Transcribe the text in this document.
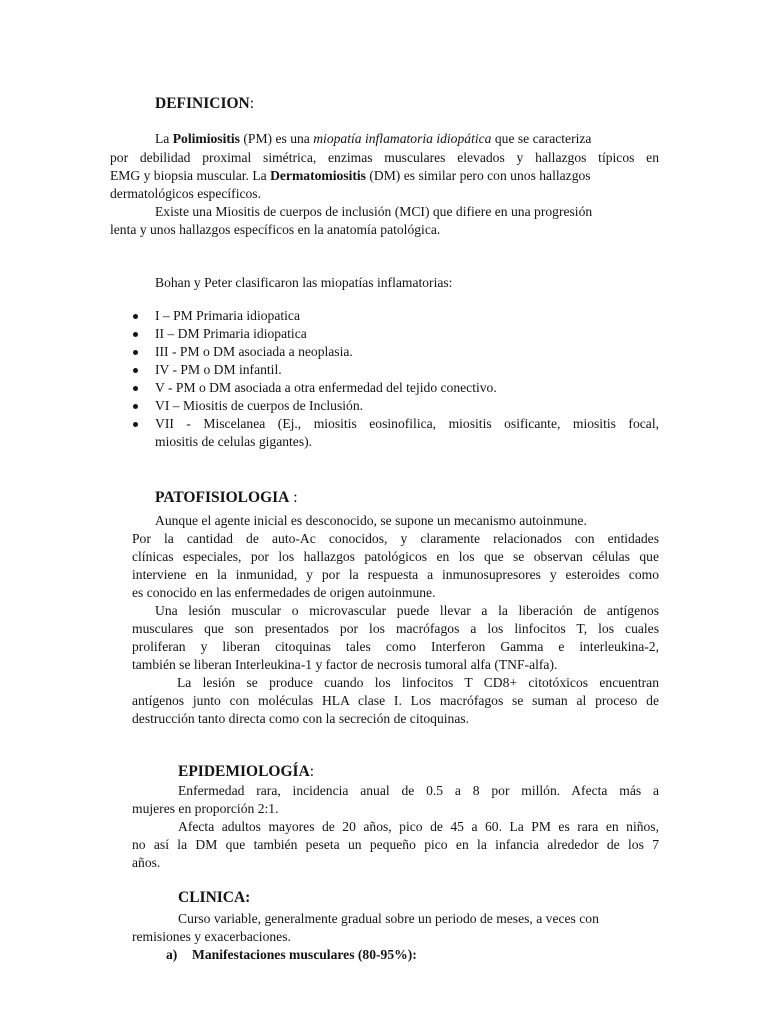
DEFINICION:
La Polimiositis (PM) es una miopatía inflamatoria idiopática que se caracteriza
por debilidad proximal simétrica, enzimas musculares elevados y hallazgos típicos en
EMG y biopsia muscular. La Dermatomiositis (DM) es similar pero con unos hallazgos
dermatológicos específicos.
Existe una Miositis de cuerpos de inclusión (MCI) que difiere en una progresión
lenta y unos hallazgos específicos en la anatomía patológica.
Bohan y Peter clasificaron las miopatías inflamatorias:
I – PM Primaria idiopatica
II – DM Primaria idiopatica
III - PM o DM asociada a neoplasia.
IV - PM o DM infantil.
V - PM o DM asociada a otra enfermedad del tejido conectivo.
VI – Miositis de cuerpos de Inclusión.
VII - Miscelanea (Ej., miositis eosinofilica, miositis osificante, miositis focal,
miositis de celulas gigantes).
PATOFISIOLOGIA :
Aunque el agente inicial es desconocido, se supone un mecanismo autoinmune.
Por la cantidad de auto-Ac conocidos, y claramente relacionados con entidades
clínicas especiales, por los hallazgos patológicos en los que se observan células que
interviene en la inmunidad, y por la respuesta a inmunosupresores y esteroides como
es conocido en las enfermedades de origen autoinmune.
Una lesión muscular o microvascular puede llevar a la liberación de antígenos
musculares que son presentados por los macrófagos a los linfocitos T, los cuales
proliferan y liberan citoquinas tales como Interferon Gamma e interleukina-2,
también se liberan Interleukina-1 y factor de necrosis tumoral alfa (TNF-alfa).
La lesión se produce cuando los linfocitos T CD8+ citotóxicos encuentran
antígenos junto con moléculas HLA clase I. Los macrófagos se suman al proceso de
destrucción tanto directa como con la secreción de citoquinas.
EPIDEMIOLOGÍA:
Enfermedad rara, incidencia anual de 0.5 a 8 por millón. Afecta más a
mujeres en proporción 2:1.
Afecta adultos mayores de 20 años, pico de 45 a 60. La PM es rara en niños,
no así la DM que también peseta un pequeño pico en la infancia alrededor de los 7
años.
CLINICA:
Curso variable, generalmente gradual sobre un periodo de meses, a veces con
remisiones y exacerbaciones.
a) Manifestaciones musculares (80-95%):
